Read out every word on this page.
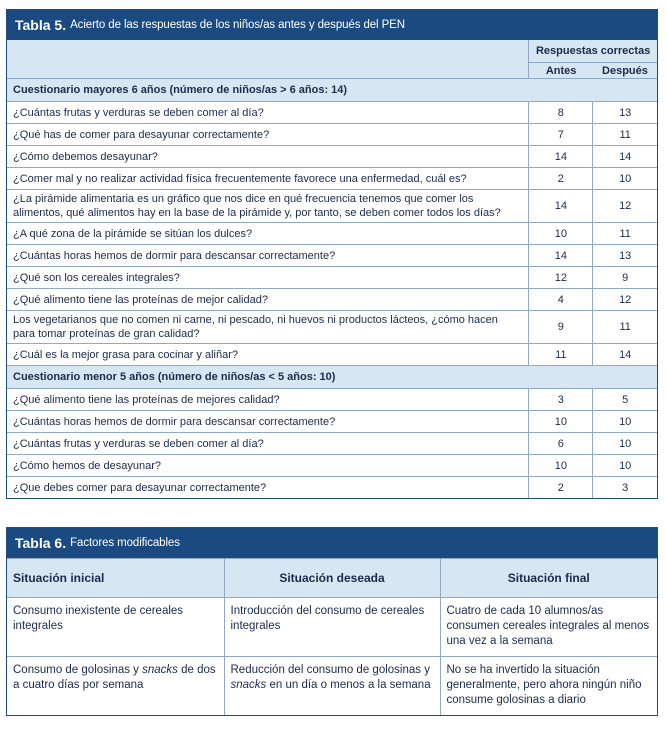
Tabla 5. Acierto de las respuestas de los niños/as antes y después del PEN
	Respuestas correctas	
	Antes	Después
Cuestionario mayores 6 años (número de niños/as > 6 años: 14)		
¿Cuántas frutas y verduras se deben comer al día?	8	13
¿Qué has de comer para desayunar correctamente?	7	11
¿Cómo debemos desayunar?	14	14
¿Comer mal y no realizar actividad física frecuentemente favorece una enfermedad, cuál es?	2	10
¿La pirámide alimentaria es un gráfico que nos dice en qué frecuencia tenemos que comer los alimentos, qué alimentos hay en la base de la pirámide y, por tanto, se deben comer todos los días?	14	12
¿A qué zona de la pirámide se sitúan los dulces?	10	11
¿Cuántas horas hemos de dormir para descansar correctamente?	14	13
¿Qué son los cereales integrales?	12	9
¿Qué alimento tiene las proteínas de mejor calidad?	4	12
Los vegetarianos que no comen ni carne, ni pescado, ni huevos ni productos lácteos, ¿cómo hacen para tomar proteínas de gran calidad?	9	11
¿Cuál es la mejor grasa para cocinar y aliñar?	11	14
Cuestionario menor 5 años (número de niños/as < 5 años: 10)		
¿Qué alimento tiene las proteínas de mejores calidad?	3	5
¿Cuántas horas hemos de dormir para descansar correctamente?	10	10
¿Cuántas frutas y verduras se deben comer al día?	6	10
¿Cómo hemos de desayunar?	10	10
¿Que debes comer para desayunar correctamente?	2	3
Tabla 6. Factores modificables
Situación inicial	Situación deseada	Situación final
Consumo inexistente de cereales integrales	Introducción del consumo de cereales integrales	Cuatro de cada 10 alumnos/as consumen cereales integrales al menos una vez a la semana
Consumo de golosinas y snacks de dos a cuatro días por semana	Reducción del consumo de golosinas y snacks en un día o menos a la semana	No se ha invertido la situación generalmente, pero ahora ningún niño consume golosinas a diario
